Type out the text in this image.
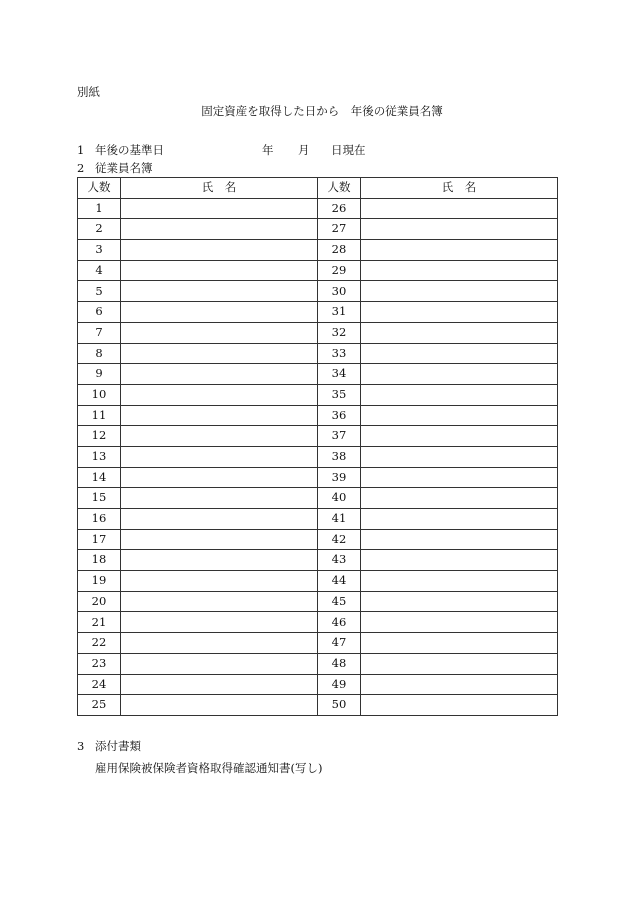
別紙
固定資産を取得した日から　年後の従業員名簿
1 年後の基準日	年 月 日現在
2 従業員名簿
人数	氏　名	人数	氏　名
1		26	
2		27	
3		28	
4		29	
5		30	
6		31	
7		32	
8		33	
9		34	
10		35	
11		36	
12		37	
13		38	
14		39	
15		40	
16		41	
17		42	
18		43	
19		44	
20		45	
21		46	
22		47	
23		48	
24		49	
25		50	
3 添付書類
雇用保険被保険者資格取得確認通知書(写し)
